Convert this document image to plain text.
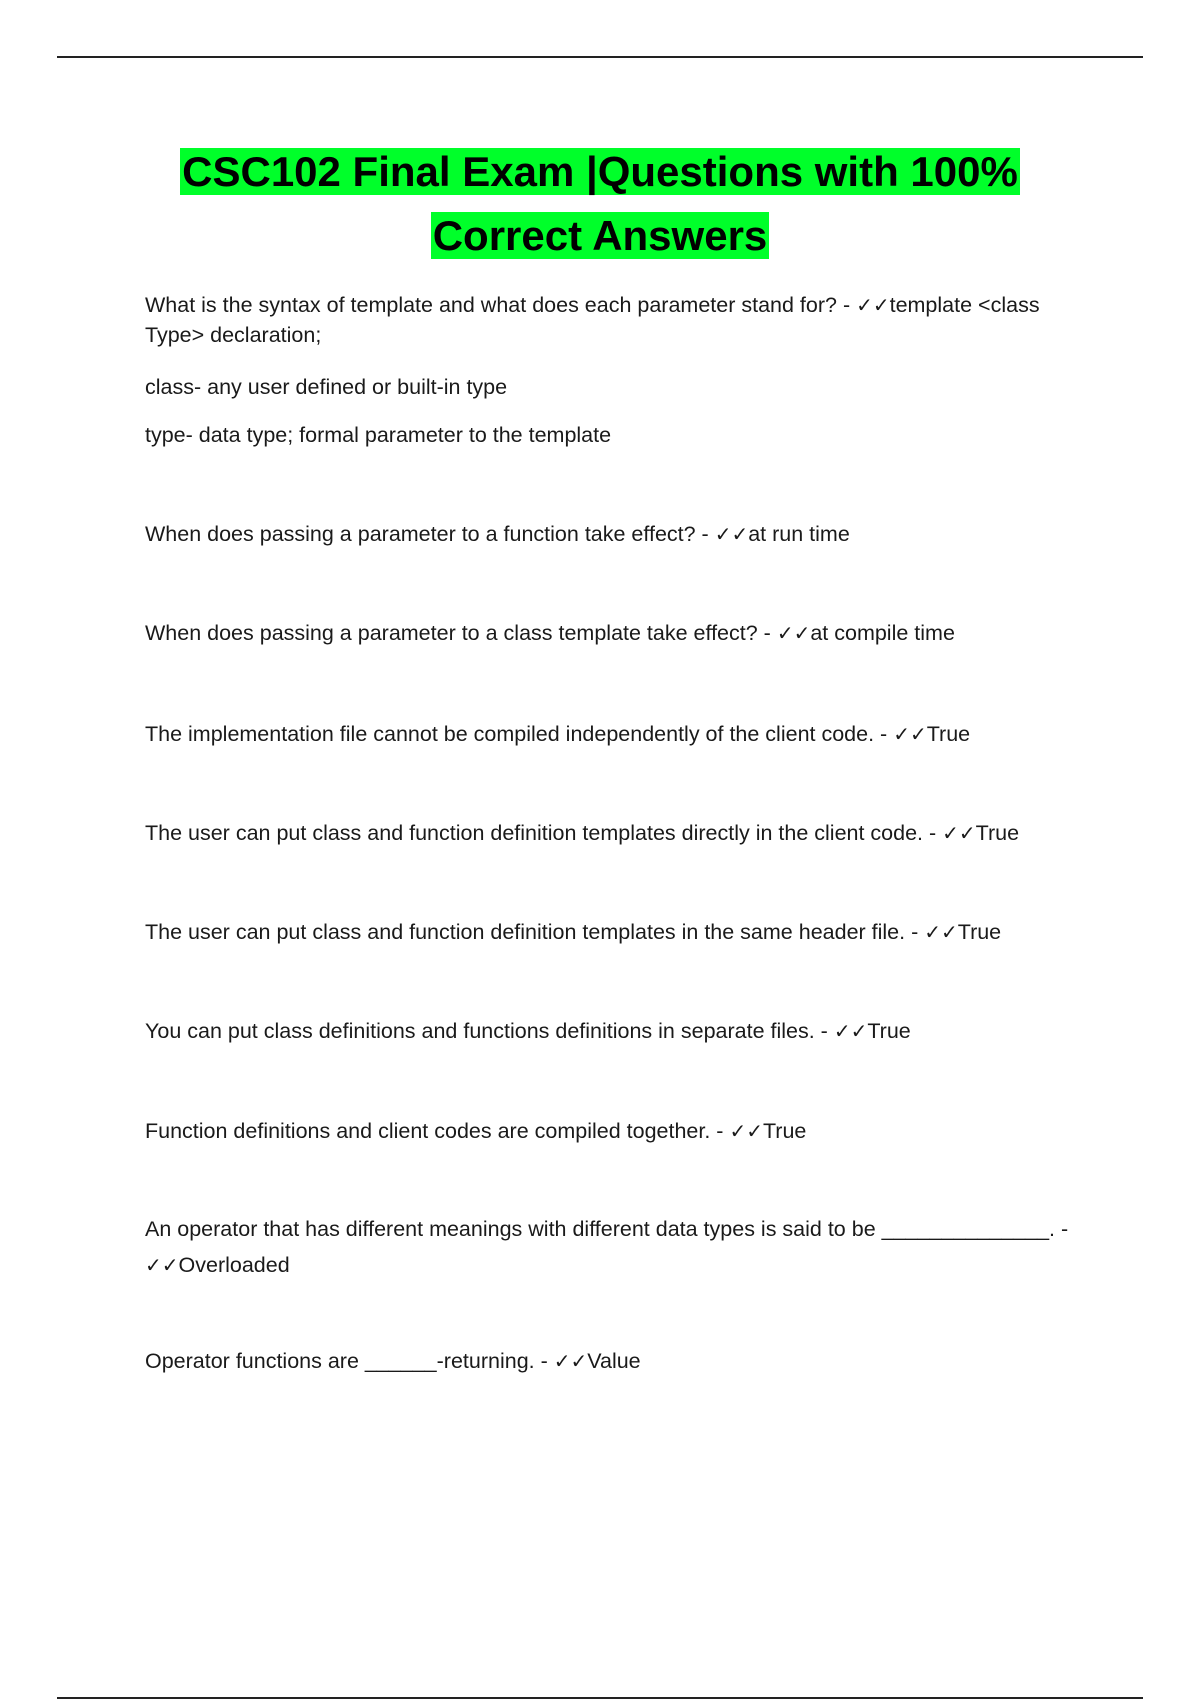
CSC102 Final Exam |Questions with 100%
Correct Answers

What is the syntax of template and what does each parameter stand for? - ✓✓template <class Type> declaration;

class- any user defined or built-in type

type- data type; formal parameter to the template

When does passing a parameter to a function take effect? - ✓✓at run time

When does passing a parameter to a class template take effect? - ✓✓at compile time

The implementation file cannot be compiled independently of the client code. - ✓✓True

The user can put class and function definition templates directly in the client code. - ✓✓True

The user can put class and function definition templates in the same header file. - ✓✓True

You can put class definitions and functions definitions in separate files. - ✓✓True

Function definitions and client codes are compiled together. - ✓✓True

An operator that has different meanings with different data types is said to be ______________. - ✓✓Overloaded

Operator functions are ______-returning. - ✓✓Value
